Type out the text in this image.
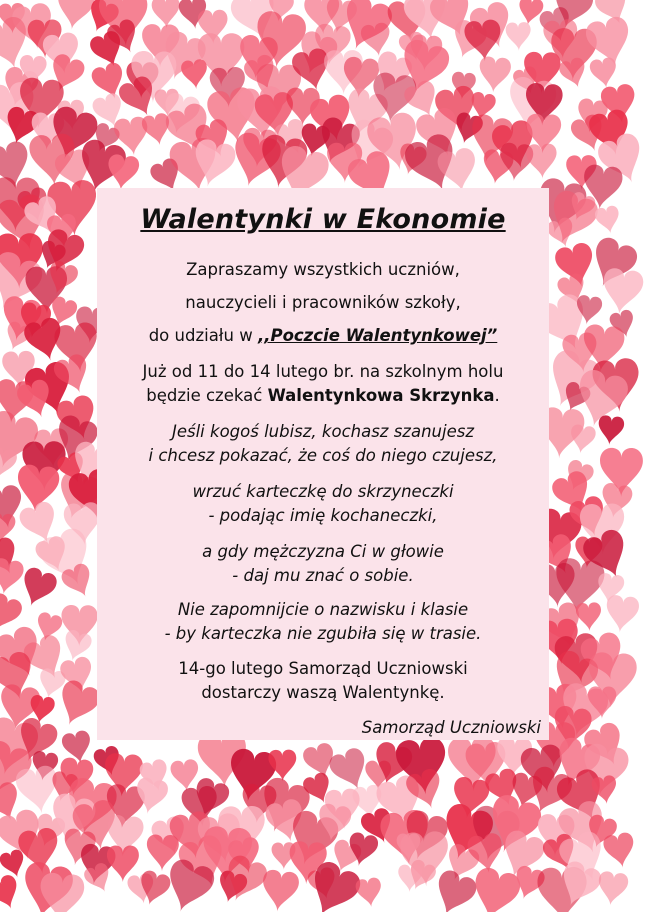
Walentynki w Ekonomie
Zapraszamy wszystkich uczniów,
nauczycieli i pracowników szkoły,
do udziału w ,,Poczcie Walentynkowej”
Już od 11 do 14 lutego br. na szkolnym holu
będzie czekać Walentynkowa Skrzynka.
Jeśli kogoś lubisz, kochasz szanujesz
i chcesz pokazać, że coś do niego czujesz,
wrzuć karteczkę do skrzyneczki
- podając imię kochaneczki,
a gdy mężczyzna Ci w głowie
- daj mu znać o sobie.
Nie zapomnijcie o nazwisku i klasie
- by karteczka nie zgubiła się w trasie.
14-go lutego Samorząd Uczniowski
dostarczy waszą Walentynkę.
Samorząd Uczniowski
